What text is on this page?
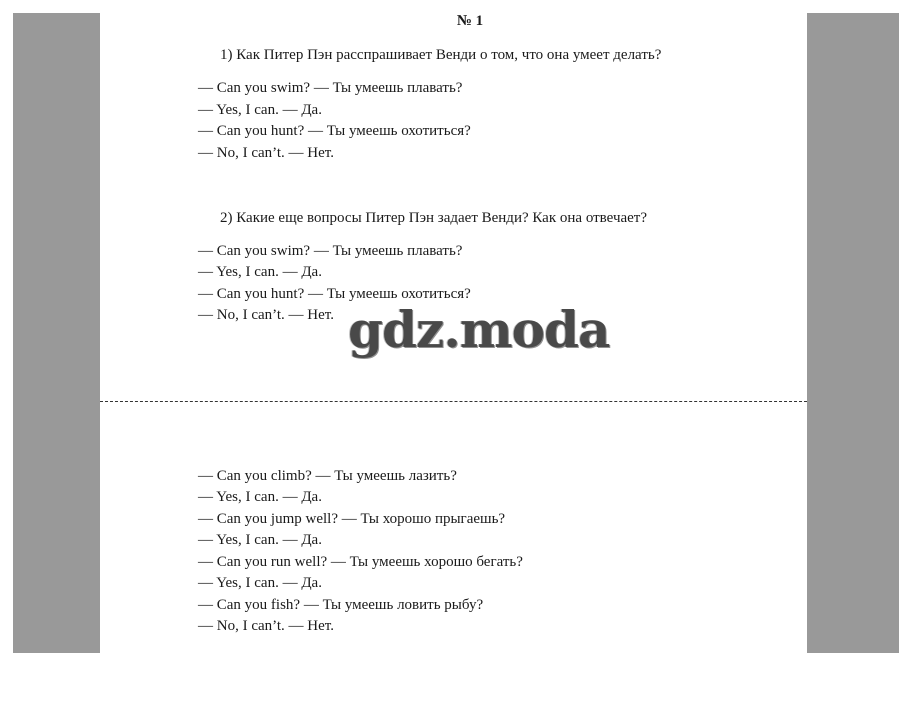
№ 1
1) Как Питер Пэн расспрашивает Венди о том, что она умеет делать?
— Can you swim? — Ты умеешь плавать?
— Yes, I can. — Да.
— Can you hunt? — Ты умеешь охотиться?
— No, I can’t. — Нет.
2) Какие еще вопросы Питер Пэн задает Венди? Как она отвечает?
— Can you swim? — Ты умеешь плавать?
— Yes, I can. — Да.
— Can you hunt? — Ты умеешь охотиться?
— No, I can’t. — Нет. gdz.moda
— Can you climb? — Ты умеешь лазить?
— Yes, I can. — Да.
— Can you jump well? — Ты хорошо прыгаешь?
— Yes, I can. — Да.
— Can you run well? — Ты умеешь хорошо бегать?
— Yes, I can. — Да.
— Can you fish? — Ты умеешь ловить рыбу?
— No, I can’t. — Нет.
